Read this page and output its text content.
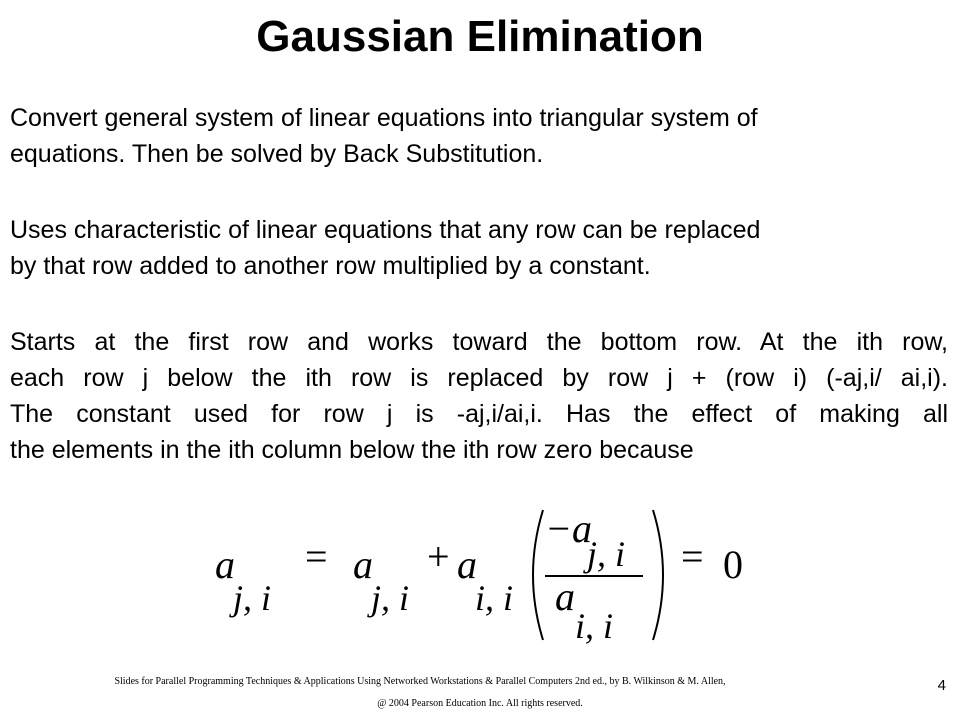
Gaussian Elimination

Convert general system of linear equations into triangular system of
equations. Then be solved by Back Substitution.

Uses characteristic of linear equations that any row can be replaced
by that row added to another row multiplied by a constant.

Starts at the first row and works toward the bottom row. At the ith row,
each row j below the ith row is replaced by row j + (row i) (-aj,i/ ai,i).
The constant used for row j is -aj,i/ai,i. Has the effect of making all
the elements in the ith column below the ith row zero because

a
j, i
= a
j, i
+ a
i, i
−a
j, i
a
i, i
= 0
Slides for Parallel Programming Techniques & Applications Using Networked Workstations & Parallel Computers 2nd ed., by B. Wilkinson & M. Allen,
@ 2004 Pearson Education Inc. All rights reserved.
4
